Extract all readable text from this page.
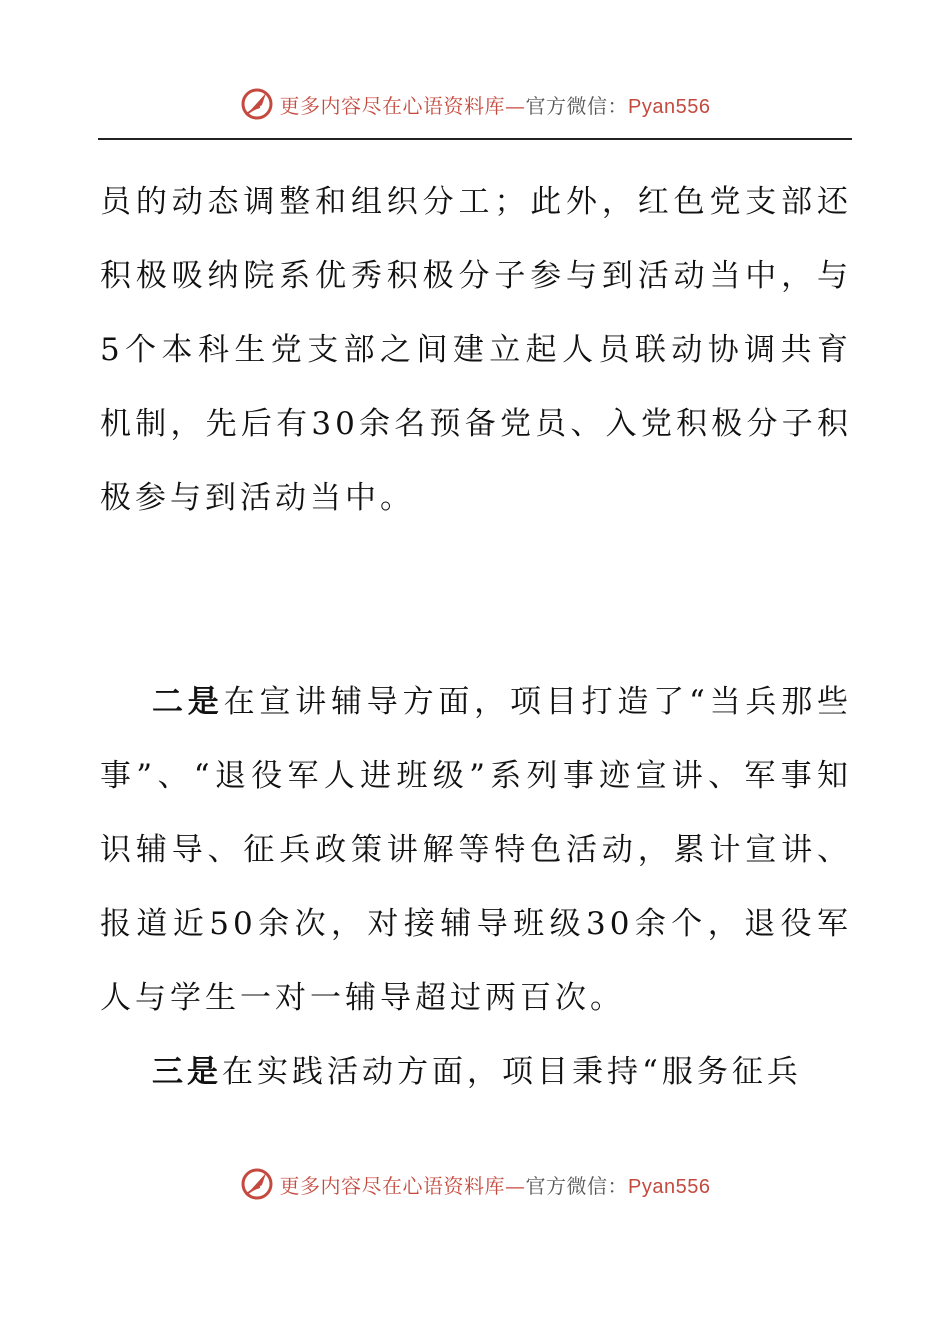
更多内容尽在心语资料库—官方微信：Pyan556

员的动态调整和组织分工；此外，红色党支部还积极吸纳院系优秀积极分子参与到活动当中，与5个本科生党支部之间建立起人员联动协调共育机制，先后有30余名预备党员、入党积极分子积极参与到活动当中。

二是在宣讲辅导方面，项目打造了“当兵那些事”、“退役军人进班级”系列事迹宣讲、军事知识辅导、征兵政策讲解等特色活动，累计宣讲、报道近50余次，对接辅导班级30余个，退役军人与学生一对一辅导超过两百次。

三是在实践活动方面，项目秉持“服务征兵

更多内容尽在心语资料库—官方微信：Pyan556
